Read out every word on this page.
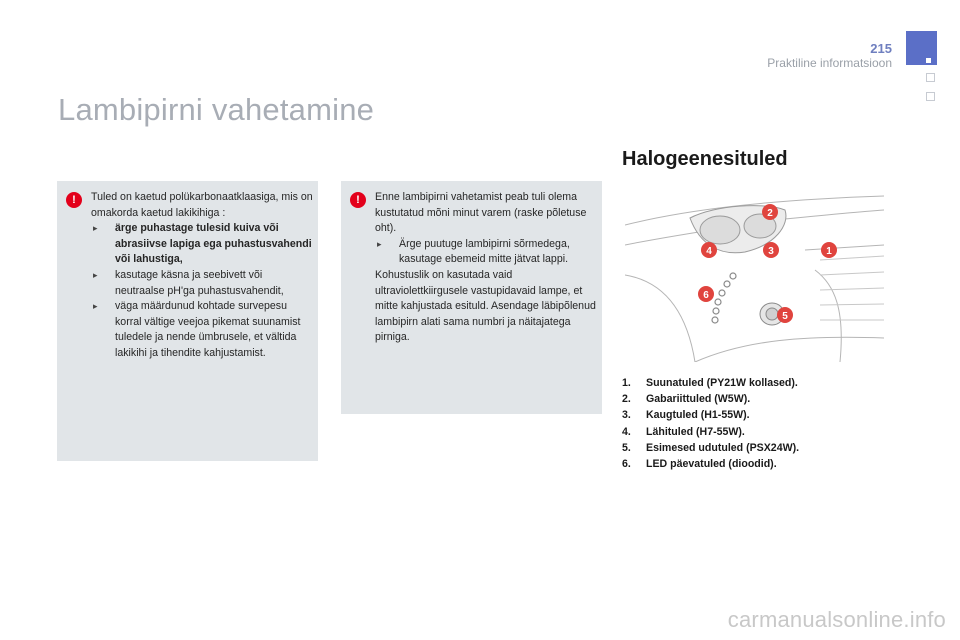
215
Praktiline informatsioon
Lambipirni vahetamine
Halogeenesituled
!	Tuled on kaetud polükarbonaatklaasiga, mis on omakorda kaetud lakikihiga :

▸ ärge puhastage tulesid kuiva või abrasiivse lapiga ega puhastusvahendi või lahustiga,

▸ kasutage käsna ja seebivett või neutraalse pH'ga puhastusvahendit,

▸ väga määrdunud kohtade survepesu korral vältige veejoa pikemat suunamist tuledele ja nende ümbrusele, et vältida lakikihi ja tihendite kahjustamist.

!	Enne lambipirni vahetamist peab tuli olema kustutatud mõni minut varem (raske põletuse oht).

▸ Ärge puutuge lambipirni sõrmedega, kasutage ebemeid mitte jätvat lappi.

Kohustuslik on kasutada vaid ultraviolettkiirgusele vastupidavaid lampe, et mitte kahjustada esituld. Asendage läbipõlenud lambipirn alati sama numbri ja näitajatega pirniga.

2
1
3
4
5
6
1. Suunatuled (PY21W kollased).
2. Gabariittuled (W5W).
3. Kaugtuled (H1-55W).
4. Lähituled (H7-55W).
5. Esimesed udutuled (PSX24W).
6. LED päevatuled (dioodid).
carmanualsonline.info
